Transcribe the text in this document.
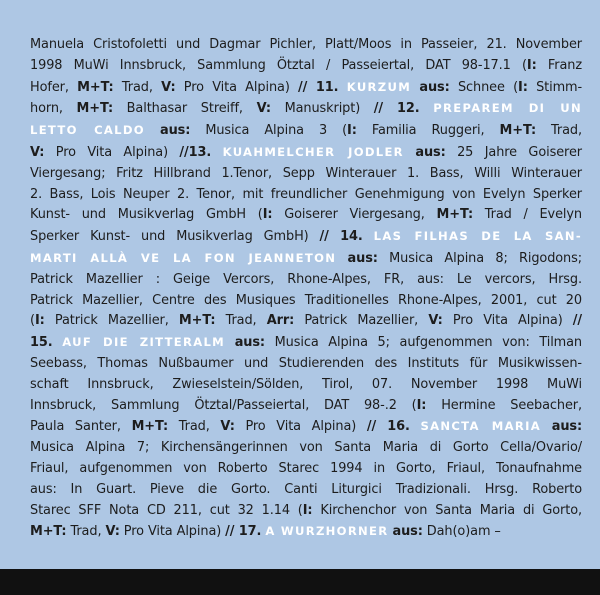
Manuela Cristofoletti und Dagmar Pichler, Platt/Moos in Passeier, 21. November
1998 MuWi Innsbruck, Sammlung Ötztal / Passeiertal, DAT 98-17.1 (I: Franz
Hofer, M+T: Trad, V: Pro Vita Alpina) // 11. KURZUM aus: Schnee (I: Stimm-
horn, M+T: Balthasar Streiff, V: Manuskript) // 12. PREPAREM DI UN
LETTO CALDO aus: Musica Alpina 3 (I: Familia Ruggeri, M+T: Trad,
V: Pro Vita Alpina) //13. KUAHMELCHER JODLER aus: 25 Jahre Goiserer
Viergesang; Fritz Hillbrand 1.Tenor, Sepp Winterauer 1. Bass, Willi Winterauer
2. Bass, Lois Neuper 2. Tenor, mit freundlicher Genehmigung von Evelyn Sperker
Kunst- und Musikverlag GmbH (I: Goiserer Viergesang, M+T: Trad / Evelyn
Sperker Kunst- und Musikverlag GmbH) // 14. LAS FILHAS DE LA SAN-
MARTI ALLÀ VE LA FON JEANNETON aus: Musica Alpina 8; Rigodons;
Patrick Mazellier : Geige Vercors, Rhone-Alpes, FR, aus: Le vercors, Hrsg.
Patrick Mazellier, Centre des Musiques Traditionelles Rhone-Alpes, 2001, cut 20
(I: Patrick Mazellier, M+T: Trad, Arr: Patrick Mazellier, V: Pro Vita Alpina) //
15. AUF DIE ZITTERALM aus: Musica Alpina 5; aufgenommen von: Tilman
Seebass, Thomas Nußbaumer und Studierenden des Instituts für Musikwissen-
schaft Innsbruck, Zwieselstein/Sölden, Tirol, 07. November 1998 MuWi
Innsbruck, Sammlung Ötztal/Passeiertal, DAT 98-.2 (I: Hermine Seebacher,
Paula Santer, M+T: Trad, V: Pro Vita Alpina) // 16. SANCTA MARIA aus:
Musica Alpina 7; Kirchensängerinnen von Santa Maria di Gorto Cella/Ovario/
Friaul, aufgenommen von Roberto Starec 1994 in Gorto, Friaul, Tonaufnahme
aus: In Guart. Pieve die Gorto. Canti Liturgici Tradizionali. Hrsg. Roberto
Starec SFF Nota CD 211, cut 32 1.14 (I: Kirchenchor von Santa Maria di Gorto,
M+T: Trad, V: Pro Vita Alpina) // 17. A WURZHORNER aus: Dah(o)am –
